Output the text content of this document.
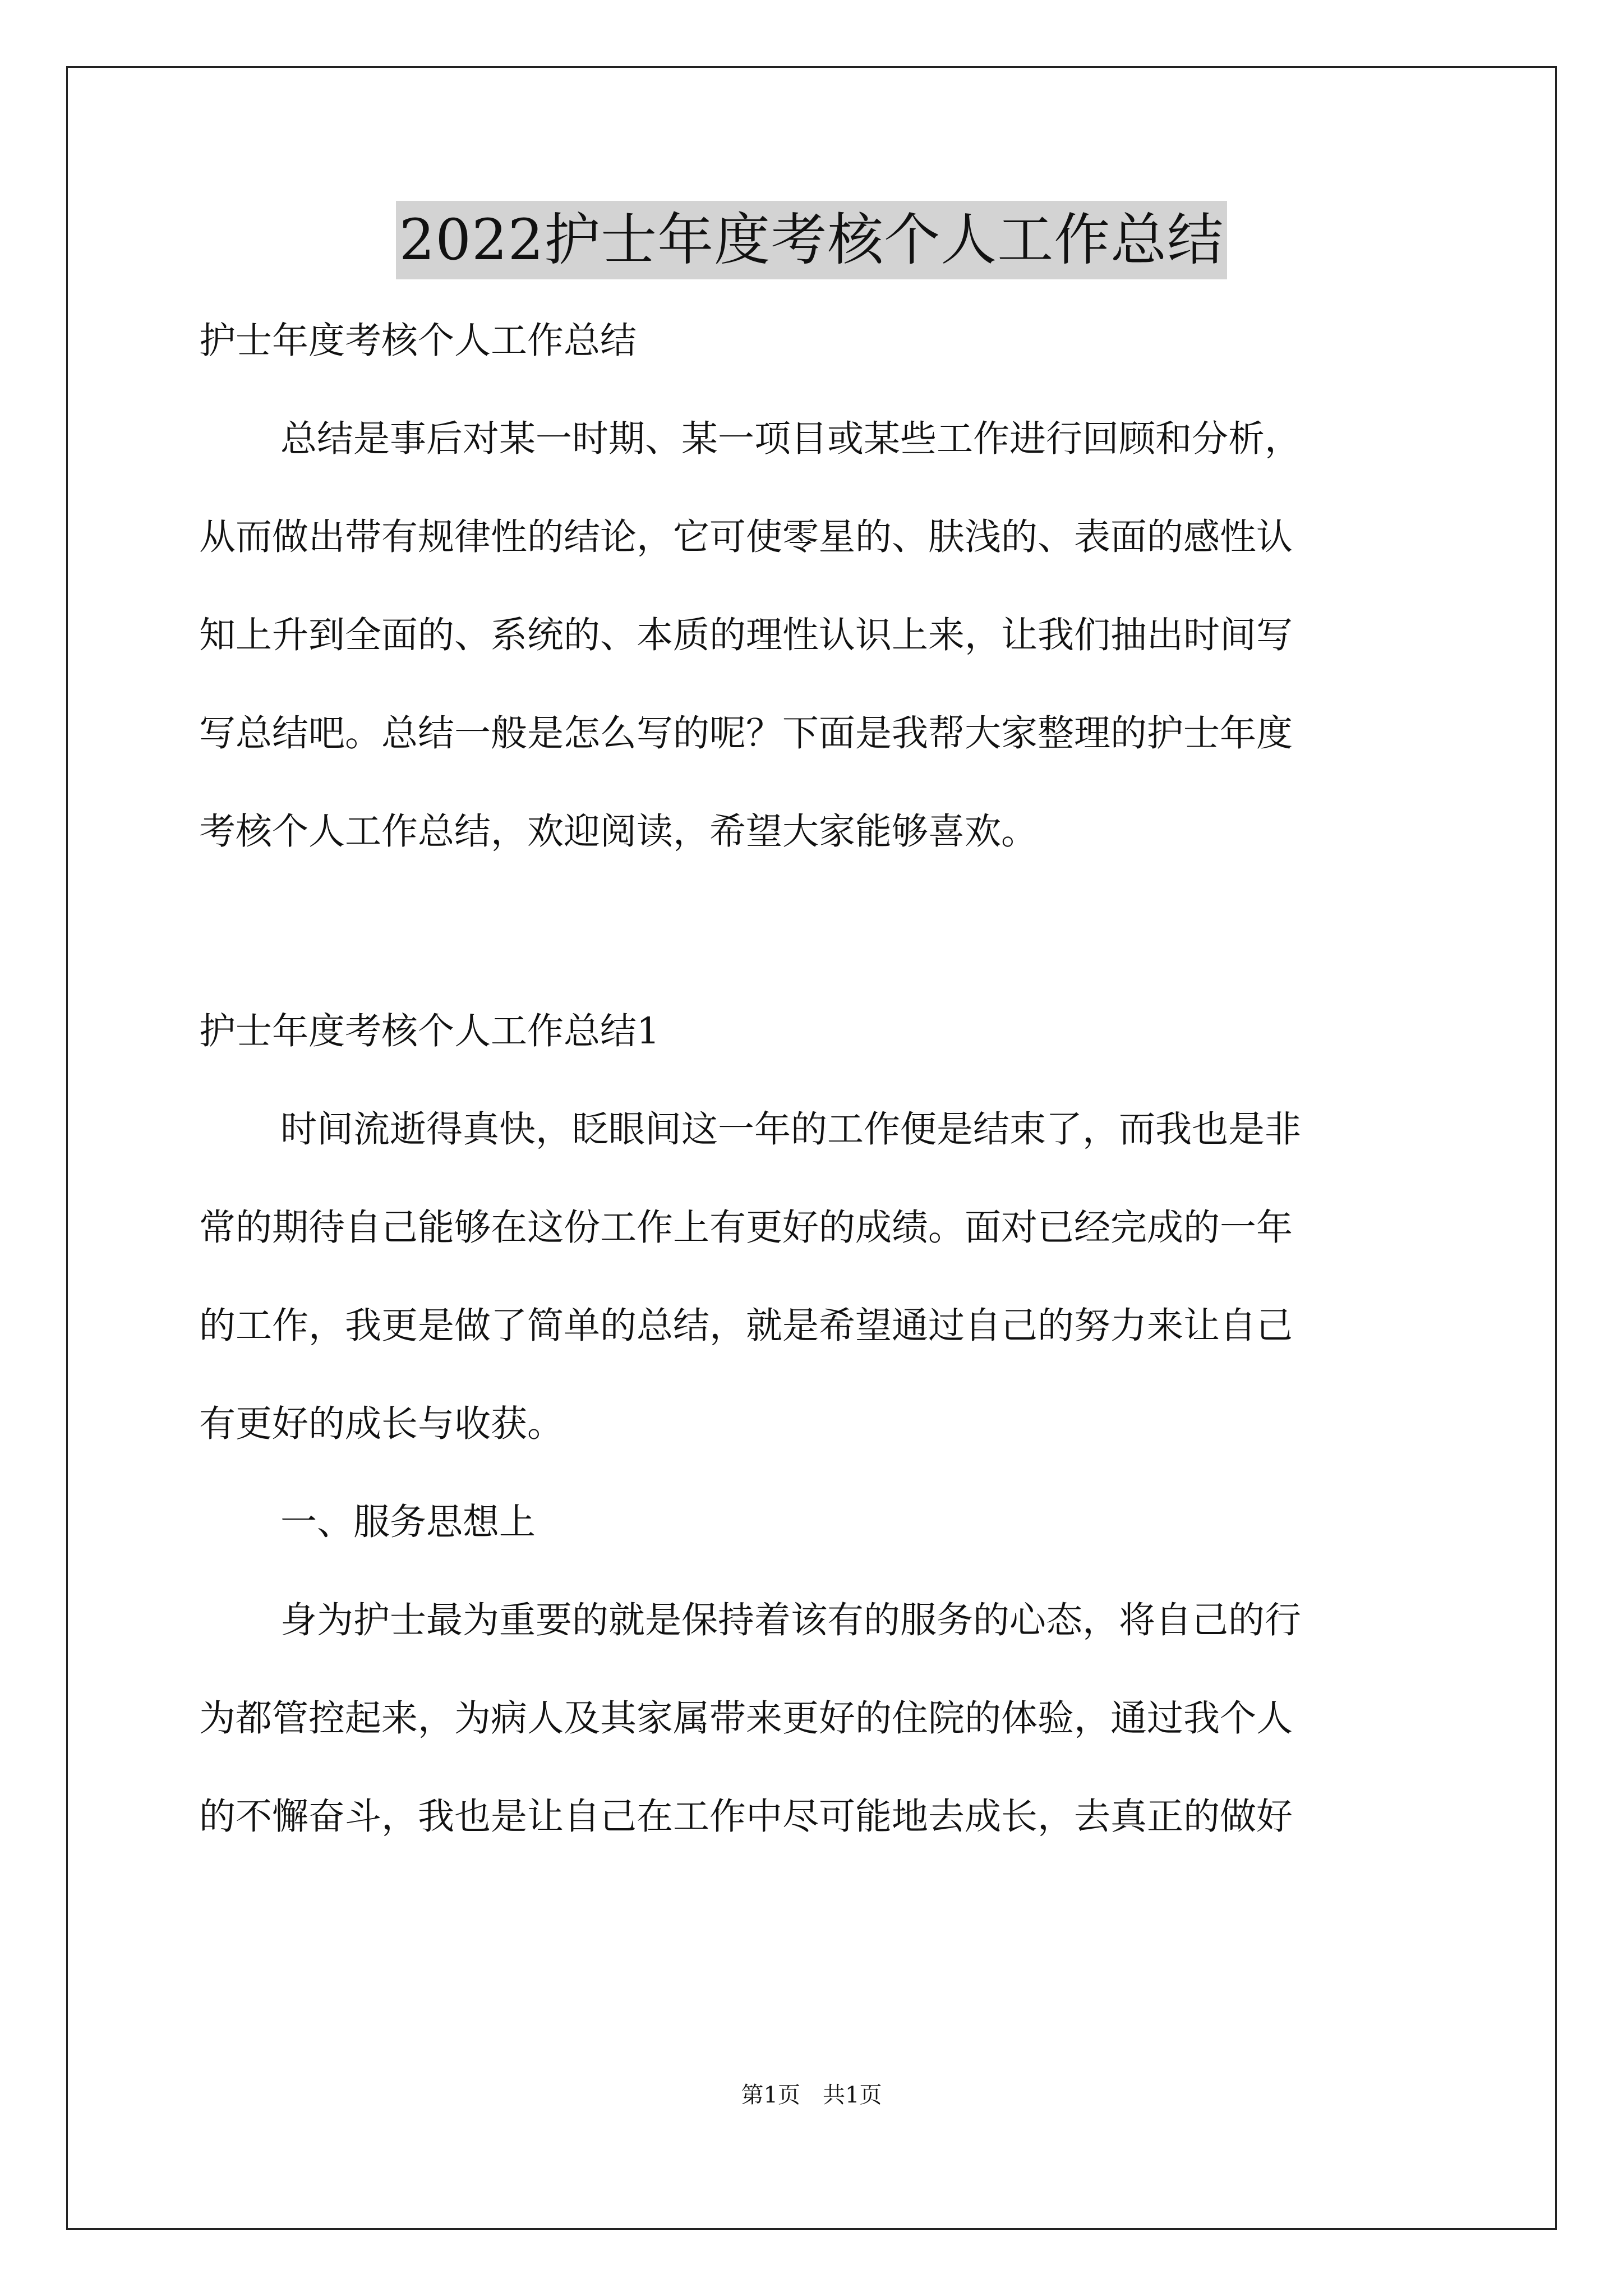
2022护士年度考核个人工作总结
护士年度考核个人工作总结
总结是事后对某一时期、某一项目或某些工作进行回顾和分析，
从而做出带有规律性的结论，它可使零星的、肤浅的、表面的感性认
知上升到全面的、系统的、本质的理性认识上来，让我们抽出时间写
写总结吧。总结一般是怎么写的呢？下面是我帮大家整理的护士年度
考核个人工作总结，欢迎阅读，希望大家能够喜欢。
护士年度考核个人工作总结1
时间流逝得真快，眨眼间这一年的工作便是结束了，而我也是非
常的期待自己能够在这份工作上有更好的成绩。面对已经完成的一年
的工作，我更是做了简单的总结，就是希望通过自己的努力来让自己
有更好的成长与收获。
一、服务思想上
身为护士最为重要的就是保持着该有的服务的心态，将自己的行
为都管控起来，为病人及其家属带来更好的住院的体验，通过我个人
的不懈奋斗，我也是让自己在工作中尽可能地去成长，去真正的做好
第1页　共1页
